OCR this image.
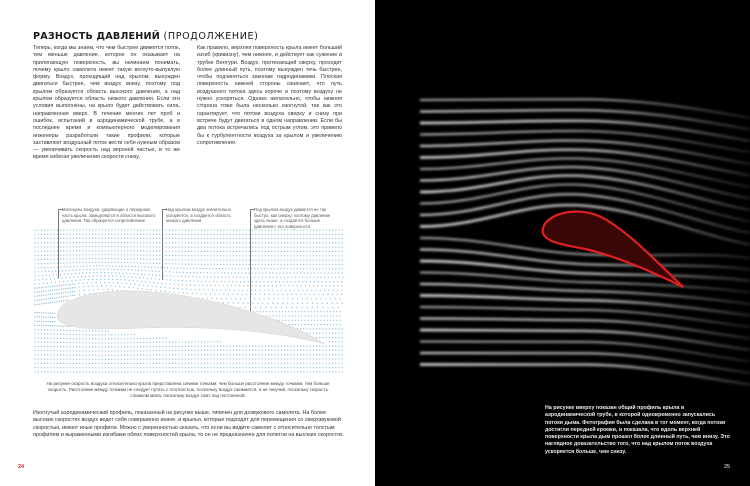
РАЗНОСТЬ ДАВЛЕНИЙ (ПРОДОЛЖЕНИЕ)
Теперь, когда мы знаем, что чем быстрее движется поток, тем меньше давление, которое он оказывает на прилегающую поверхность, вы начинаем понимать, почему крыло самолета имеет такую вогнуто-выпуклую форму. Воздух, проходящий над крылом, вынужден двигаться быстрее, чем воздух внизу, поэтому под крылом образуется область высокого давления, а над крылом образуется область низкого давления. Если эти условия выполнены, на крыло будет действовать сила, направленная вверх. В течение многих лет проб и ошибок, испытаний в аэродинамической трубе, а в последнее время и компьютерного моделирования инженеры разработали такие профили, которые заставляют воздушный поток вести себя нужным образом — увеличивать скорость над верхней частью, в то же время избегая увеличения скорости снизу.
Как правило, верхняя поверхность крыла имеет больший изгиб (кривизну), чем нижняя, и действует как сужение в трубке Вентури. Воздух, протекающий сверху, проходит более длинный путь, поэтому вынужден течь быстрее, чтобы подчиняться законам гидродинамики. Плоская поверхность нижней стороны означает, что путь воздушного потока здесь короче и поэтому воздуху не нужно ускоряться. Однако желательно, чтобы нижняя сторона тоже была несколько изогнутой, так как это гарантирует, что потоки воздуха сверху и снизу при встрече будут двигаться в одном направлении. Если бы два потока встречались под острым углом, это привело бы к турбулентности воздуха за крылом и увеличению сопротивления.
Молекулы воздуха, ударяющие о переднюю часть крыла, замедляются в области высокого давления. Так образуется сопротивление
Над крылом воздух значительно ускоряется, а создается область низкого давления
Под крылом воздух движется не так быстро, как сверху, поэтому давление здесь выше, а создается больше давления с его поверхности
На рисунке скорость воздуха относительно крыла представлена синими точками: чем больше расстояние между точками, тем больше скорость. Расстояние между точками не следует путать с плотностью, поскольку воздух сжимается, а не текучий, поскольку скорость слишком мала, поскольку воздух сжат под постоянной.
Изогнутый аэродинамический профиль, показанный на рисунке выше, типичен для дозвукового самолета. На более высоких скоростях воздух ведет себя совершенно иначе, и крылья, которые подходят для перемещения со сверхзвуковой скоростью, имеют иные профили. Можно с уверенностью сказать, что если вы видите самолет с относительно толстым профилем и выраженными изгибами обеих поверхностей крыла, то он не предназначен для полетов на высоких скоростях.
24
На рисунке вверху показан общий профиль крыла в аэродинамической трубе, в которой одновременно запускались потоки дыма. Фотография была сделана в тот момент, когда потоки достигли передней кромки, и показала, что вдоль верхней поверхности крыла дым прошел более длинный путь, чем внизу. Это наглядное доказательство того, что над крылом поток воздуха ускоряется больше, чем снизу.
25
